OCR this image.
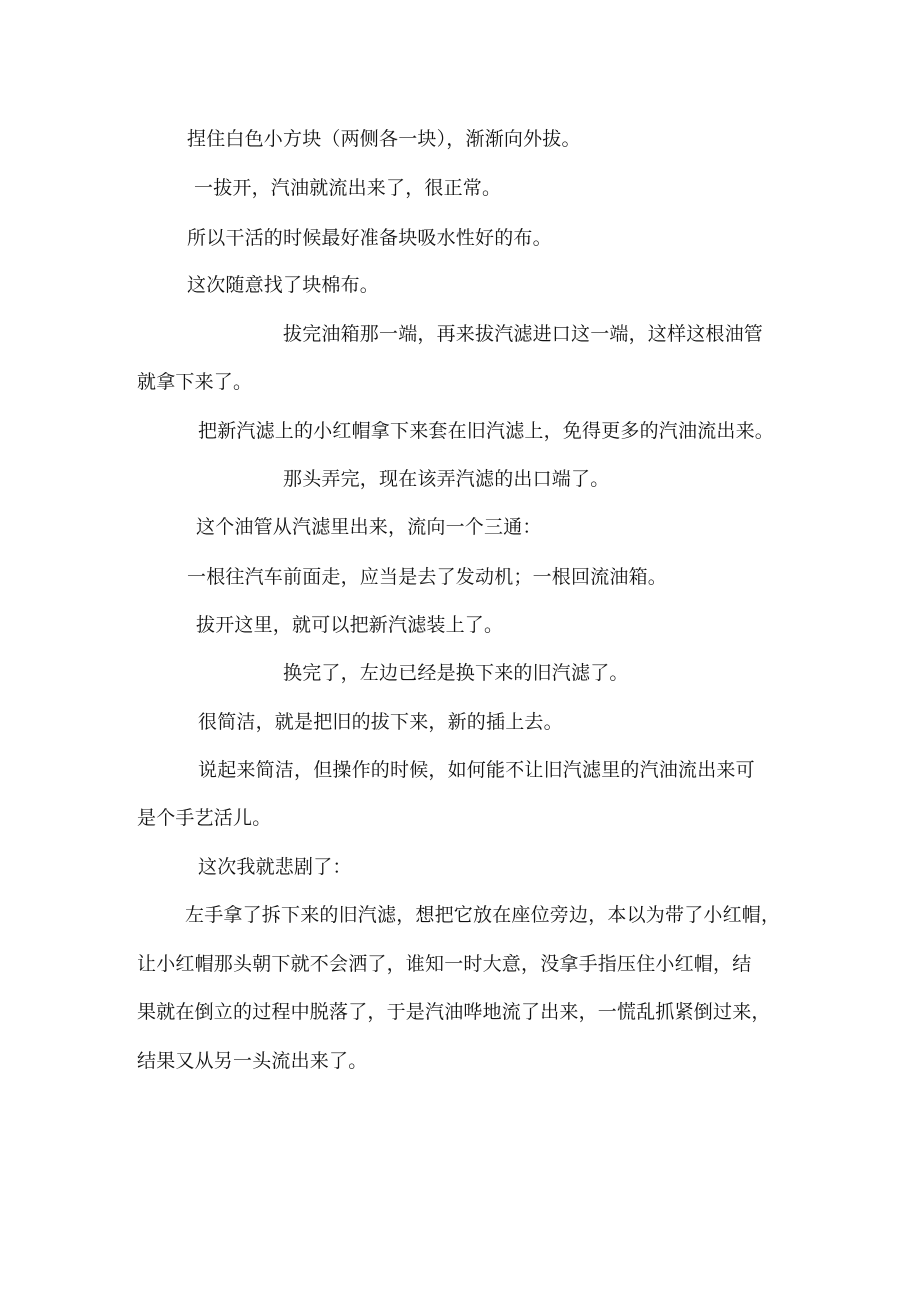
捏住白色小方块（两侧各一块），渐渐向外拔。
一拔开，汽油就流出来了，很正常。
所以干活的时候最好准备块吸水性好的布。
这次随意找了块棉布。
拔完油箱那一端，再来拔汽滤进口这一端，这样这根油管
就拿下来了。
把新汽滤上的小红帽拿下来套在旧汽滤上，免得更多的汽油流出来。
那头弄完，现在该弄汽滤的出口端了。
这个油管从汽滤里出来，流向一个三通：
一根往汽车前面走，应当是去了发动机；一根回流油箱。
拔开这里，就可以把新汽滤装上了。
换完了，左边已经是换下来的旧汽滤了。
很简洁，就是把旧的拔下来，新的插上去。
说起来简洁，但操作的时候，如何能不让旧汽滤里的汽油流出来可
是个手艺活儿。
这次我就悲剧了：
左手拿了拆下来的旧汽滤，想把它放在座位旁边，本以为带了小红帽，
让小红帽那头朝下就不会洒了，谁知一时大意，没拿手指压住小红帽，结
果就在倒立的过程中脱落了，于是汽油哗地流了出来，一慌乱抓紧倒过来，
结果又从另一头流出来了。
